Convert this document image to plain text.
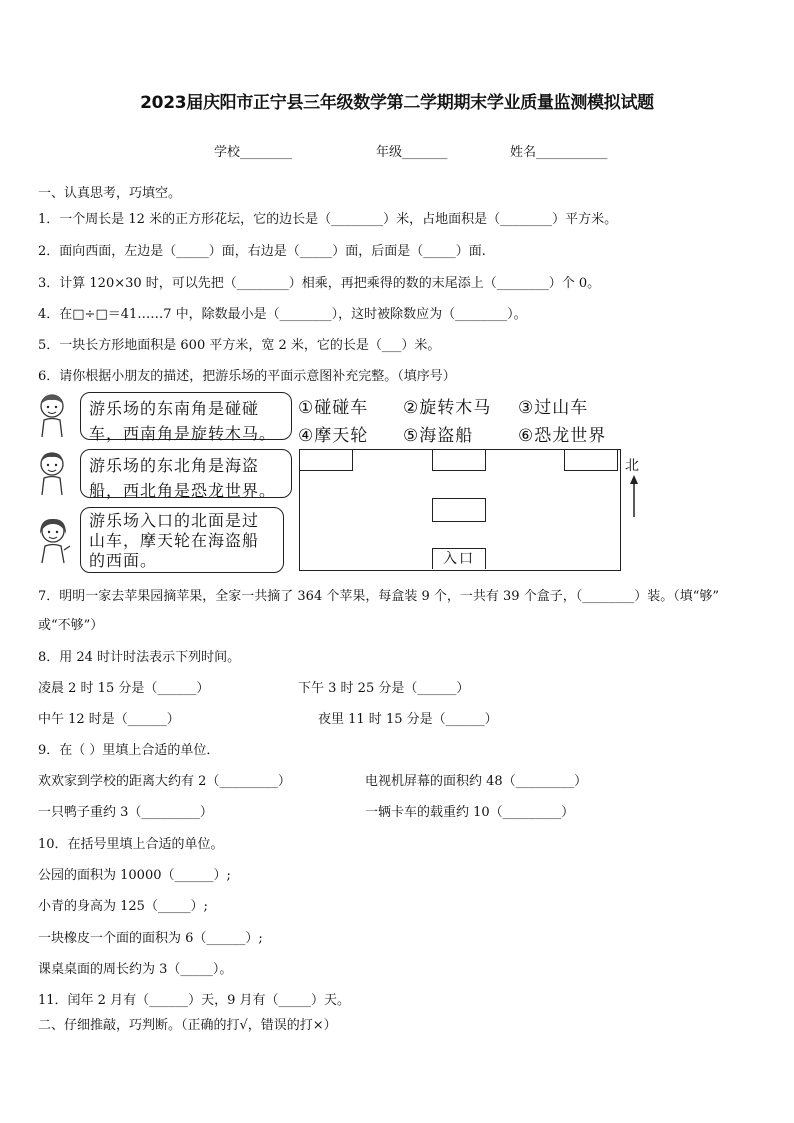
2023届庆阳市正宁县三年级数学第二学期期末学业质量监测模拟试题
学校________	年级_______	姓名___________
一、认真思考，巧填空。
1．一个周长是 12 米的正方形花坛，它的边长是（________）米，占地面积是（________）平方米。
2．面向西面，左边是（_____）面，右边是（_____）面，后面是（_____）面.
3．计算 120×30 时，可以先把（________）相乘，再把乘得的数的末尾添上（________）个 0。
4．在□÷□＝41……7 中，除数最小是（________），这时被除数应为（________）。
5．一块长方形地面积是 600 平方米，宽 2 米，它的长是（___）米。
6．请你根据小朋友的描述，把游乐场的平面示意图补充完整。（填序号）
游乐场的东南角是碰碰
车，西南角是旋转木马。
游乐场的东北角是海盗
船，西北角是恐龙世界。
游乐场入口的北面是过
山车，摩天轮在海盗船
的西面。
①碰碰车 ②旋转木马 ③过山车
④摩天轮 ⑤海盗船	⑥恐龙世界
入口
北
7．明明一家去苹果园摘苹果，全家一共摘了 364 个苹果，每盒装 9 个，一共有 39 个盒子，（________）装。（填“够”
或“不够”）
8．用 24 时计时法表示下列时间。
凌晨 2 时 15 分是（______）	下午 3 时 25 分是（______）
中午 12 时是（______）	夜里 11 时 15 分是（______）
9．在（ ）里填上合适的单位．
欢欢家到学校的距离大约有 2（_________）	电视机屏幕的面积约 48（_________）
一只鸭子重约 3（_________）	一辆卡车的载重约 10（_________）
10．在括号里填上合适的单位。
公园的面积为 10000（______）;
小青的身高为 125（_____）;
一块橡皮一个面的面积为 6（______）;
课桌桌面的周长约为 3（_____）。
11．闰年 2 月有（______）天，9 月有（_____）天。
二、仔细推敲，巧判断。（正确的打√，错误的打×）
